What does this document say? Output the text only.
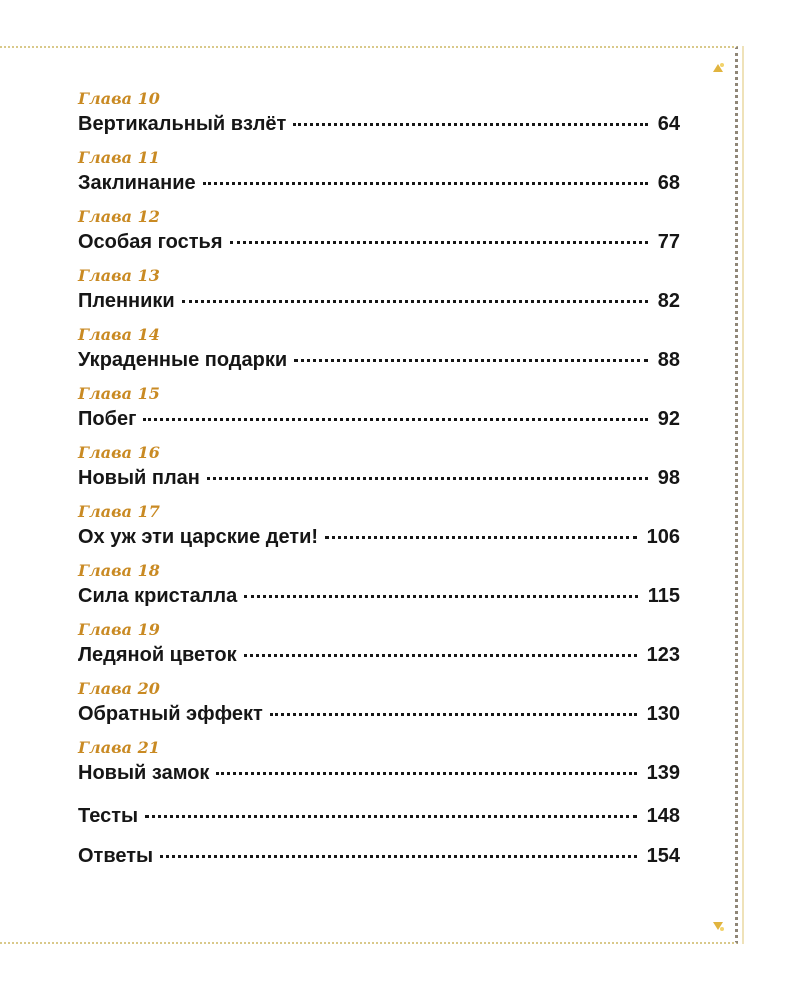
Глава 10
Вертикальный взлёт	64
Глава 11
Заклинание	68
Глава 12
Особая гостья	77
Глава 13
Пленники	82
Глава 14
Украденные подарки	88
Глава 15
Побег	92
Глава 16
Новый план	98
Глава 17
Ох уж эти царские дети!	106
Глава 18
Сила кристалла	115
Глава 19
Ледяной цветок	123
Глава 20
Обратный эффект	130
Глава 21
Новый замок	139
Тесты	148
Ответы	154
